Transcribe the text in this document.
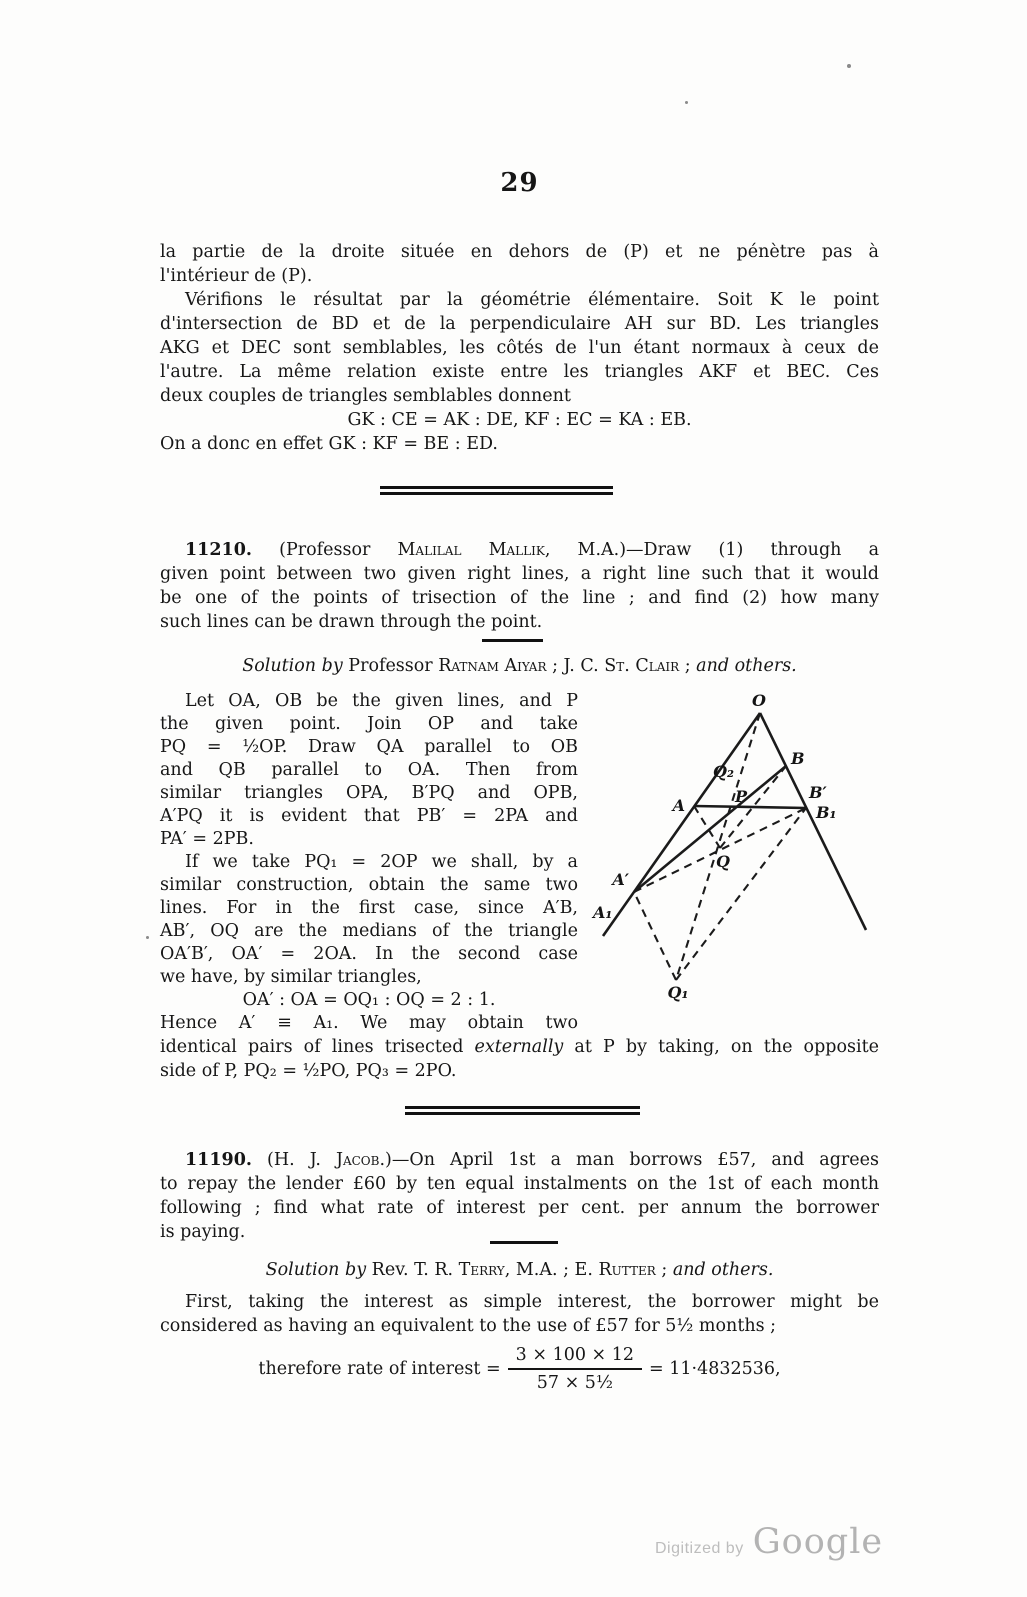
29
la partie de la droite située en dehors de (P) et ne pénètre pas à
l'intérieur de (P).
Vérifions le résultat par la géométrie élémentaire. Soit K le point
d'intersection de BD et de la perpendiculaire AH sur BD. Les triangles
AKG et DEC sont semblables, les côtés de l'un étant normaux à ceux de
l'autre. La même relation existe entre les triangles AKF et BEC. Ces
deux couples de triangles semblables donnent
GK : CE = AK : DE, KF : EC = KA : EB.
On a donc en effet GK : KF = BE : ED.
11210. (Professor Malilal Mallik, M.A.)—Draw (1) through a
given point between two given right lines, a right line such that it would
be one of the points of trisection of the line ; and find (2) how many
such lines can be drawn through the point.
Solution by Professor Ratnam Aiyar ; J. C. St. Clair ; and others.
Let OA, OB be the given lines, and P
the given point. Join OP and take
PQ = ½OP. Draw QA parallel to OB
and QB parallel to OA. Then from
similar triangles OPA, B′PQ and OPB,
A′PQ it is evident that PB′ = 2PA and
PA′ = 2PB.
If we take PQ₁ = 2OP we shall, by a
similar construction, obtain the same two
lines. For in the first case, since A′B,
AB′, OQ are the medians of the triangle
OA′B′, OA′ = 2OA. In the second case
we have, by similar triangles,
OA′ : OA = OQ₁ : OQ = 2 : 1.
Hence A′ ≡ A₁. We may obtain two
O
Q₂
B
B′
B₁
A	P
Q
A′
A₁
Q₁
identical pairs of lines trisected externally at P by taking, on the opposite
side of P, PQ₂ = ½PO, PQ₃ = 2PO.
11190. (H. J. Jacob.)—On April 1st a man borrows £57, and agrees
to repay the lender £60 by ten equal instalments on the 1st of each month
following ; find what rate of interest per cent. per annum the borrower
is paying.
Solution by Rev. T. R. Terry, M.A. ; E. Rutter ; and others.
First, taking the interest as simple interest, the borrower might be
considered as having an equivalent to the use of £57 for 5½ months ;
therefore rate of interest = $\frac{3 \times 100 \times 12}{\text{57 × 5½}} = 11\cdot 4832536$,
Digitized by Google
